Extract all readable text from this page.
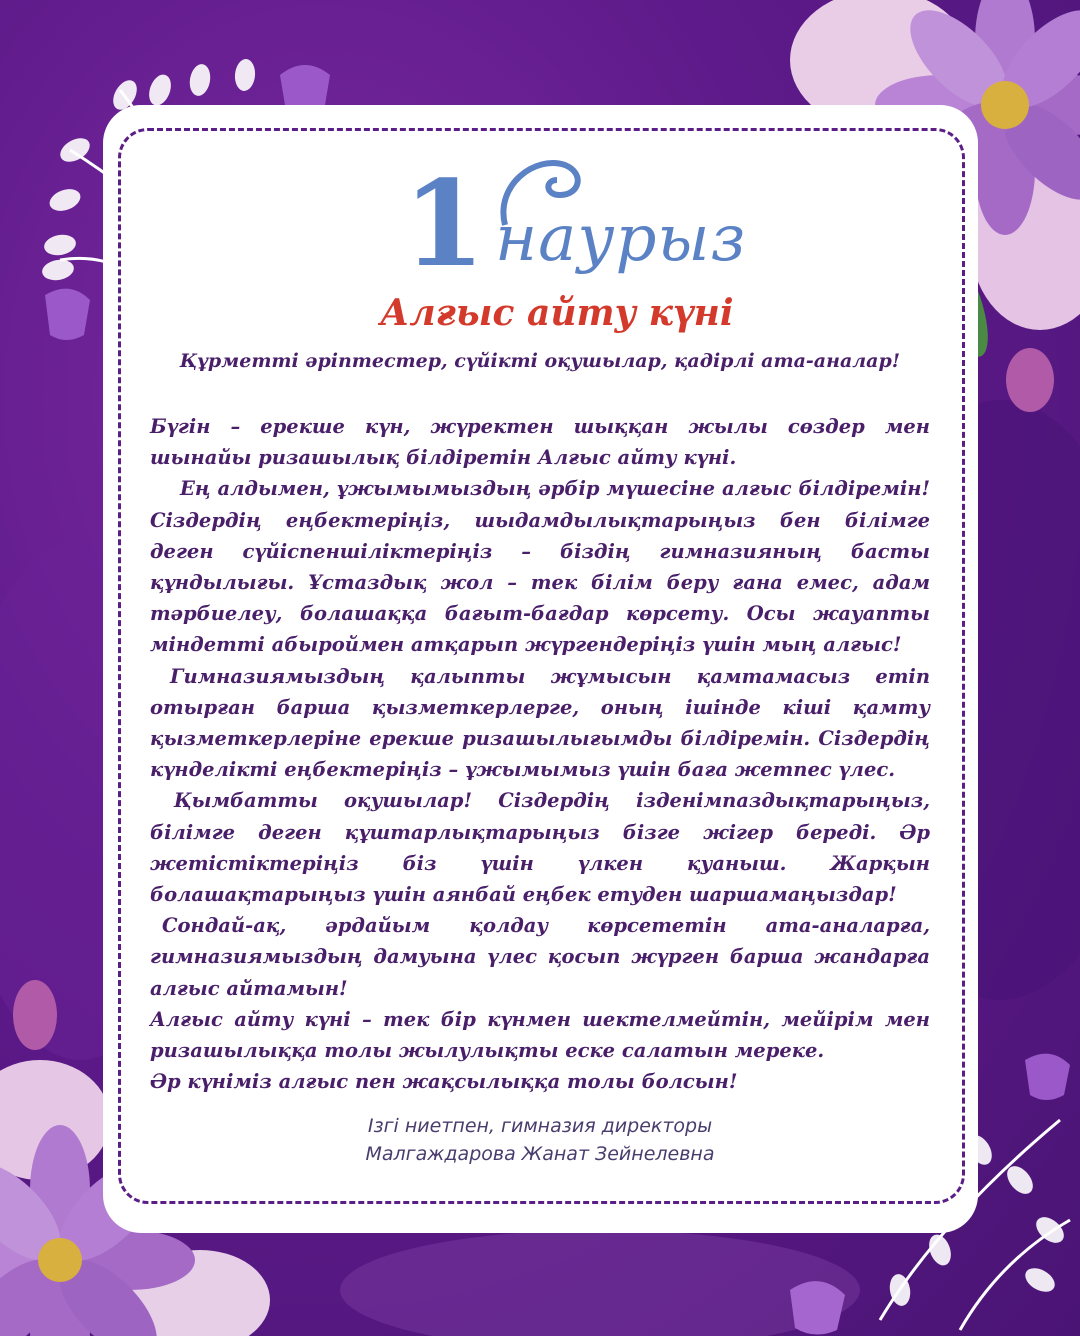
1 наурыз
Алғыс айту күні
Құрметті әріптестер, сүйікті оқушылар, қадірлі ата-аналар!

Бүгін – ерекше күн, жүректен шыққан жылы сөздер мен шынайы ризашылық білдіретін Алғыс айту күні.

Ең алдымен, ұжымымыздың әрбір мүшесіне алғыс білдіремін! Сіздердің еңбектеріңіз, шыдамдылықтарыңыз бен білімге деген сүйіспеншіліктеріңіз – біздің гимназияның басты құндылығы. Ұстаздық жол – тек білім беру ғана емес, адам тәрбиелеу, болашаққа бағыт-бағдар көрсету. Осы жауапты міндетті абыроймен атқарып жүргендеріңіз үшін мың алғыс!

Гимназиямыздың қалыпты жұмысын қамтамасыз етіп отырған барша қызметкерлерге, оның ішінде кіші қамту қызметкерлеріне ерекше ризашылығымды білдіремін. Сіздердің күнделікті еңбектеріңіз – ұжымымыз үшін баға жетпес үлес.

Қымбатты оқушылар! Сіздердің ізденімпаздықтарыңыз, білімге деген құштарлықтарыңыз бізге жігер береді. Әр жетістіктеріңіз біз үшін үлкен қуаныш. Жарқын болашақтарыңыз үшін аянбай еңбек етуден шаршамаңыздар!

Сондай-ақ, әрдайым қолдау көрсететін ата-аналарға, гимназиямыздың дамуына үлес қосып жүрген барша жандарға алғыс айтамын!

Алғыс айту күні – тек бір күнмен шектелмейтін, мейірім мен ризашылыққа толы жылулықты еске салатын мереке.

Әр күніміз алғыс пен жақсылыққа толы болсын!

Ізгі ниетпен, гимназия директоры
Малгаждарова Жанат Зейнелевна
